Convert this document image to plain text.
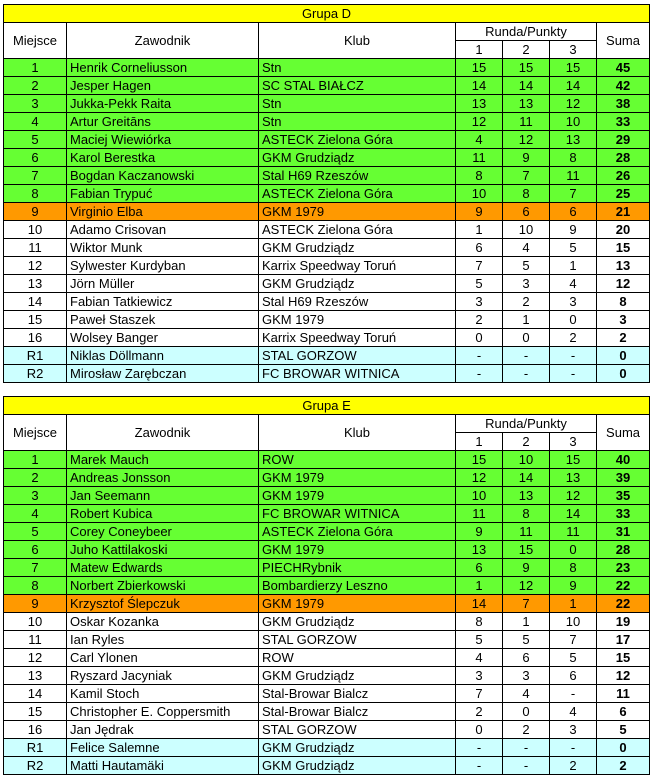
Grupa D						
Miejsce	Zawodnik	Klub	Runda/Punkty			Suma
			1	2	3	
1	Henrik Corneliusson	Stn	15	15	15	45
2	Jesper Hagen	SC STAL BIAŁCZ	14	14	14	42
3	Jukka-Pekk Raita	Stn	13	13	12	38
4	Artur Greitāns	Stn	12	11	10	33
5	Maciej Wiewiórka	ASTECK Zielona Góra	4	12	13	29
6	Karol Berestka	GKM Grudziądz	11	9	8	28
7	Bogdan Kaczanowski	Stal H69 Rzeszów	8	7	11	26
8	Fabian Trypuć	ASTECK Zielona Góra	10	8	7	25
9	Virginio Elba	GKM 1979	9	6	6	21
10	Adamo Crisovan	ASTECK Zielona Góra	1	10	9	20
11	Wiktor Munk	GKM Grudziądz	6	4	5	15
12	Sylwester Kurdyban	Karrix Speedway Toruń	7	5	1	13
13	Jörn Müller	GKM Grudziądz	5	3	4	12
14	Fabian Tatkiewicz	Stal H69 Rzeszów	3	2	3	8
15	Paweł Staszek	GKM 1979	2	1	0	3
16	Wolsey Banger	Karrix Speedway Toruń	0	0	2	2
R1	Niklas Döllmann	STAL GORZOW	-	-	-	0
R2	Mirosław Zarębczan	FC BROWAR WITNICA	-	-	-	0
Grupa E						
Miejsce	Zawodnik	Klub	Runda/Punkty			Suma
			1	2	3	
1	Marek Mauch	ROW	15	10	15	40
2	Andreas Jonsson	GKM 1979	12	14	13	39
3	Jan Seemann	GKM 1979	10	13	12	35
4	Robert Kubica	FC BROWAR WITNICA	11	8	14	33
5	Corey Coneybeer	ASTECK Zielona Góra	9	11	11	31
6	Juho Kattilakoski	GKM 1979	13	15	0	28
7	Matew Edwards	PIECHRybnik	6	9	8	23
8	Norbert Zbierkowski	Bombardierzy Leszno	1	12	9	22
9	Krzysztof Ślepczuk	GKM 1979	14	7	1	22
10	Oskar Kozanka	GKM Grudziądz	8	1	10	19
11	Ian Ryles	STAL GORZOW	5	5	7	17
12	Carl Ylonen	ROW	4	6	5	15
13	Ryszard Jacyniak	GKM Grudziądz	3	3	6	12
14	Kamil Stoch	Stal-Browar Bialcz	7	4	-	11
15	Christopher E. Coppersmith	Stal-Browar Bialcz	2	0	4	6
16	Jan Jędrak	STAL GORZOW	0	2	3	5
R1	Felice Salemne	GKM Grudziądz	-	-	-	0
R2	Matti Hautamäki	GKM Grudziądz	-	-	2	2
